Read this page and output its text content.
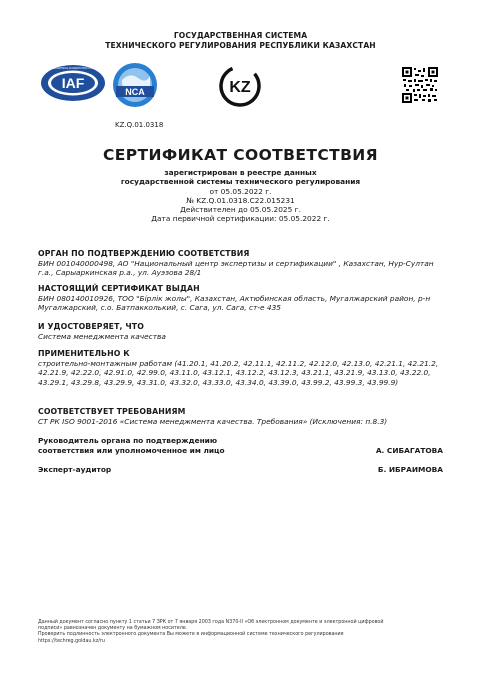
ГОСУДАРСТВЕННАЯ СИСТЕМА
ТЕХНИЧЕСКОГО РЕГУЛИРОВАНИЯ РЕСПУБЛИКИ КАЗАХСТАН
IAF
INTERNATIONAL ACCREDITATION FORUM
NCA	KZ
KZ.Q.01.0318
СЕРТИФИКАТ СООТВЕТСТВИЯ
зарегистрирован в реестре данных
государственной системы технического регулирования
от 05.05.2022 г.
№ KZ.Q.01.0318.C22.015231
Действителен до 05.05.2025 г.
Дата первичной сертификации: 05.05.2022 г.
ОРГАН ПО ПОДТВЕРЖДЕНИЮ СООТВЕТСТВИЯ
БИН 001040000498, АО "Национальный центр экспертизы и сертификации" , Казахстан, Нур-Султан г.а., Сарыаркинская р.а., ул. Ауэзова 28/1
НАСТОЯЩИЙ СЕРТИФИКАТ ВЫДАН
БИН 080140010926, ТОО "Бірлік жолы", Казахстан, Актюбинская область, Мугалжарский район, р-н Мугалжарский, с.о. Батпакколький, с. Сага, ул. Сага, ст-е 435
И УДОСТОВЕРЯЕТ, ЧТО
Система менеджмента качества
ПРИМЕНИТЕЛЬНО К
строительно-монтажным работам (41.20.1, 41.20.2, 42.11.1, 42.11.2, 42.12.0, 42.13.0, 42.21.1, 42.21.2, 42.21.9, 42.22.0, 42.91.0, 42.99.0, 43.11.0, 43.12.1, 43.12.2, 43.12.3, 43.21.1, 43.21.9, 43.13.0, 43.22.0, 43.29.1, 43.29.8, 43.29.9, 43.31.0, 43.32.0, 43.33.0, 43.34.0, 43.39.0, 43.99.2, 43.99.3, 43.99.9)
СООТВЕТСТВУЕТ ТРЕБОВАНИЯМ
СТ РК ISO 9001-2016 «Система менеджмента качества. Требования» (Исключения: п.8.3)
Руководитель органа по подтверждению
соответствия или уполномоченное им лицо	А. СИБАГАТОВА
Эксперт-аудитор	Б. ИБРАИМОВА
Данный документ согласно пункту 1 статьи 7 ЗРК от 7 января 2003 года N370-II «Об электронном документе и электронной цифровой
подписи» равнозначен документу на бумажном носителе.
Проверить подлинность электронного документа Вы можете в информационной системе технического регулирования
https://techreg.goldau.kz/ru
